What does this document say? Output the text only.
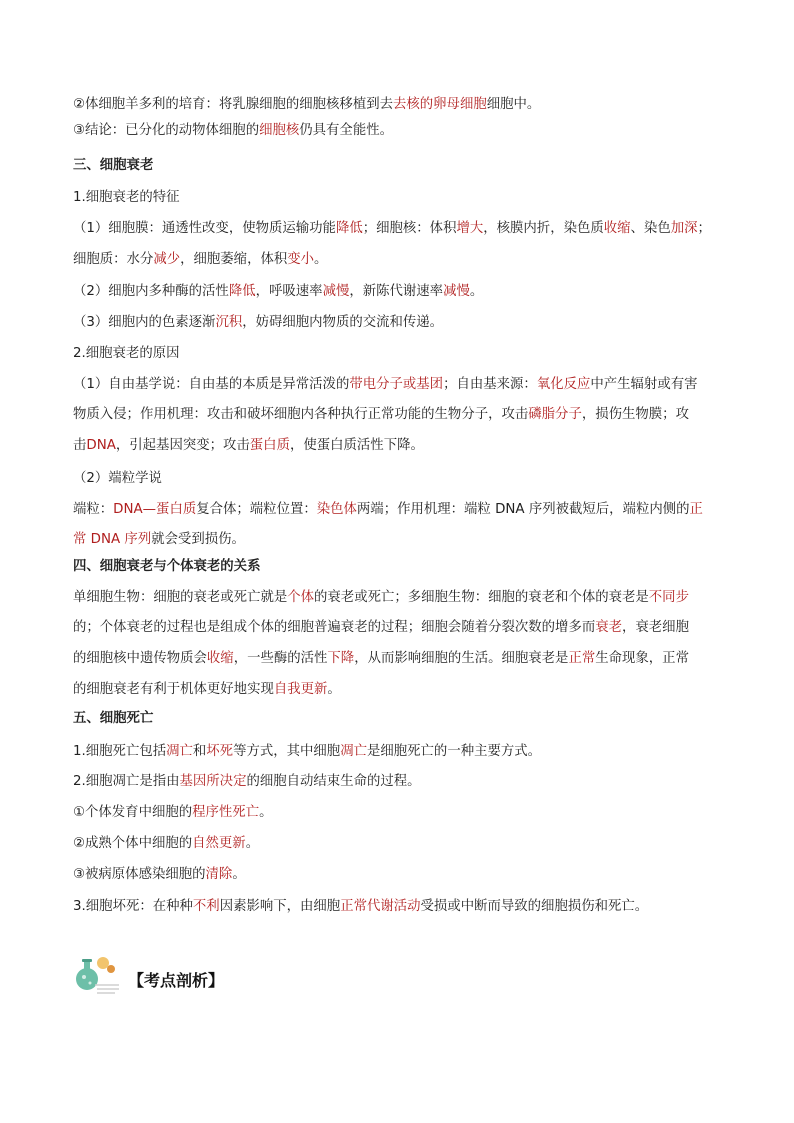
②体细胞羊多利的培育：将乳腺细胞的细胞核移植到去去核的卵母细胞细胞中。
③结论：已分化的动物体细胞的细胞核仍具有全能性。
三、细胞衰老
1.细胞衰老的特征
（1）细胞膜：通透性改变，使物质运输功能降低；细胞核：体积增大，核膜内折，染色质收缩、染色加深；
细胞质：水分减少，细胞萎缩，体积变小。
（2）细胞内多种酶的活性降低，呼吸速率减慢，新陈代谢速率减慢。
（3）细胞内的色素逐渐沉积，妨碍细胞内物质的交流和传递。
2.细胞衰老的原因
（1）自由基学说：自由基的本质是异常活泼的带电分子或基团；自由基来源：氧化反应中产生辐射或有害
物质入侵；作用机理：攻击和破坏细胞内各种执行正常功能的生物分子，攻击磷脂分子，损伤生物膜；攻
击DNA，引起基因突变；攻击蛋白质，使蛋白质活性下降。
（2）端粒学说
端粒：DNA—蛋白质复合体；端粒位置：染色体两端；作用机理：端粒 DNA 序列被截短后，端粒内侧的正
常 DNA 序列就会受到损伤。
四、细胞衰老与个体衰老的关系
单细胞生物：细胞的衰老或死亡就是个体的衰老或死亡；多细胞生物：细胞的衰老和个体的衰老是不同步
的；个体衰老的过程也是组成个体的细胞普遍衰老的过程；细胞会随着分裂次数的增多而衰老，衰老细胞
的细胞核中遗传物质会收缩，一些酶的活性下降，从而影响细胞的生活。细胞衰老是正常生命现象，正常
的细胞衰老有利于机体更好地实现自我更新。
五、细胞死亡
1.细胞死亡包括凋亡和坏死等方式，其中细胞凋亡是细胞死亡的一种主要方式。
2.细胞凋亡是指由基因所决定的细胞自动结束生命的过程。
①个体发育中细胞的程序性死亡。
②成熟个体中细胞的自然更新。
③被病原体感染细胞的清除。
3.细胞坏死：在种种不利因素影响下，由细胞正常代谢活动受损或中断而导致的细胞损伤和死亡。
【考点剖析】
